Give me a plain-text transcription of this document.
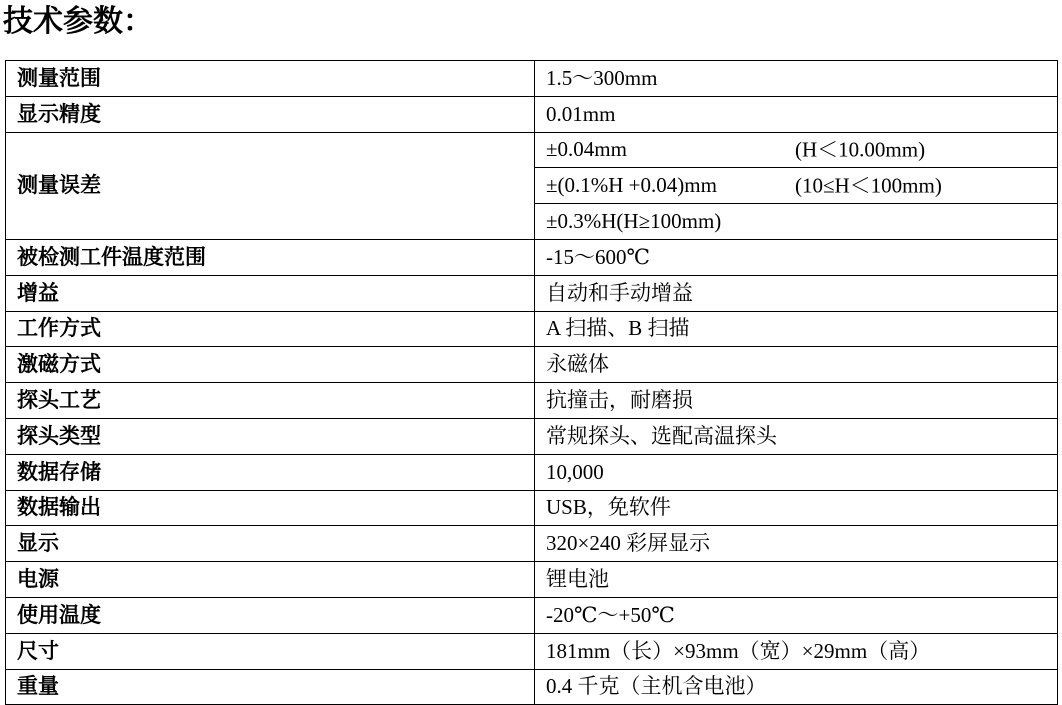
技术参数：
测量范围	1.5～300mm
显示精度	0.01mm
测量误差	±0.04mm (H＜10.00mm)

	±(0.1%H +0.04)mm (10≤H＜100mm)

	±0.3%H(H≥100mm)
被检测工件温度范围	-15～600℃
增益	自动和手动增益
工作方式	A 扫描、B 扫描
激磁方式	永磁体
探头工艺	抗撞击，耐磨损
探头类型	常规探头、选配高温探头
数据存储	10,000
数据输出	USB，免软件
显示	320×240 彩屏显示
电源	锂电池
使用温度	-20℃～+50℃
尺寸	181mm（长）×93mm（宽）×29mm（高）
重量	0.4 千克（主机含电池）
